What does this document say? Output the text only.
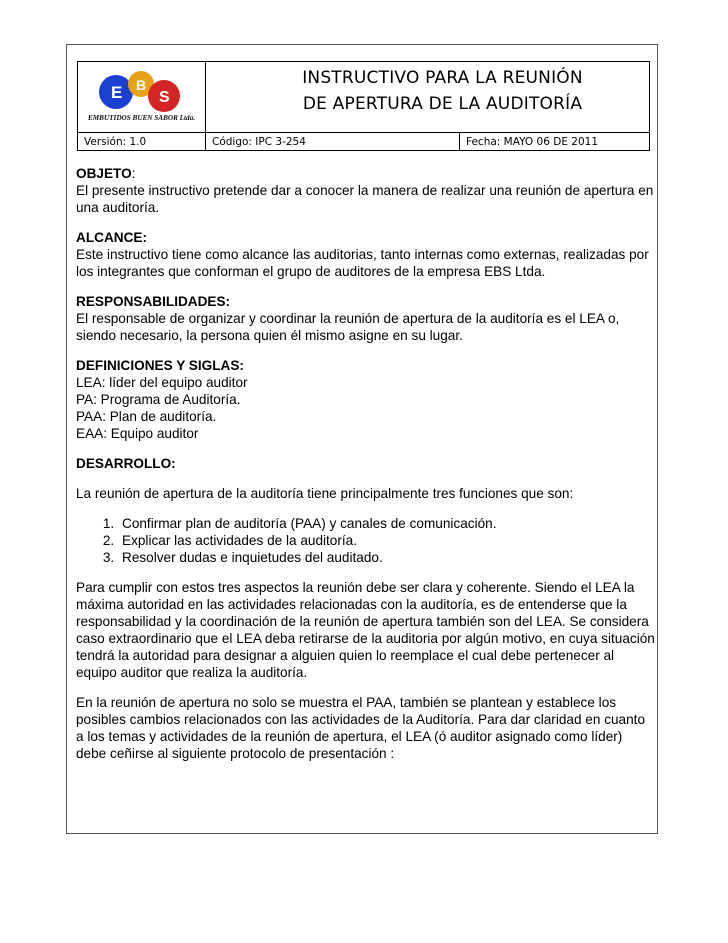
E B
S
EMBUTIDOS BUEN SABOR Ltda.
INSTRUCTIVO PARA LA REUNIÓN
DE APERTURA DE LA AUDITORÍA
Versión: 1.0	Código: IPC 3-254	Fecha: MAYO 06 DE 2011
OBJETO:

El presente instructivo pretende dar a conocer la manera de realizar una reunión de apertura en una auditoría.

ALCANCE:

Este instructivo tiene como alcance las auditorias, tanto internas como externas, realizadas por los integrantes que conforman el grupo de auditores de la empresa EBS Ltda.

RESPONSABILIDADES:

El responsable de organizar y coordinar la reunión de apertura de la auditoría es el LEA o, siendo necesario, la persona quien él mismo asigne en su lugar.

DEFINICIONES Y SIGLAS:

LEA: líder del equipo auditor

PA: Programa de Auditoría.

PAA: Plan de auditoría.

EAA: Equipo auditor

DESARROLLO:

La reunión de apertura de la auditoría tiene principalmente tres funciones que son:

1. Confirmar plan de auditoría (PAA) y canales de comunicación.
2. Explicar las actividades de la auditoría.
3. Resolver dudas e inquietudes del auditado.

Para cumplir con estos tres aspectos la reunión debe ser clara y coherente. Siendo el LEA la máxima autoridad en las actividades relacionadas con la auditoría, es de entenderse que la responsabilidad y la coordinación de la reunión de apertura también son del LEA. Se considera caso extraordinario que el LEA deba retirarse de la auditoria por algún motivo, en cuya situación tendrá la autoridad para designar a alguien quien lo reemplace el cual debe pertenecer al equipo auditor que realiza la auditoría.

En la reunión de apertura no solo se muestra el PAA, también se plantean y establece los posibles cambios relacionados con las actividades de la Auditoría. Para dar claridad en cuanto a los temas y actividades de la reunión de apertura, el LEA (ó auditor asignado como líder) debe ceñirse al siguiente protocolo de presentación :
